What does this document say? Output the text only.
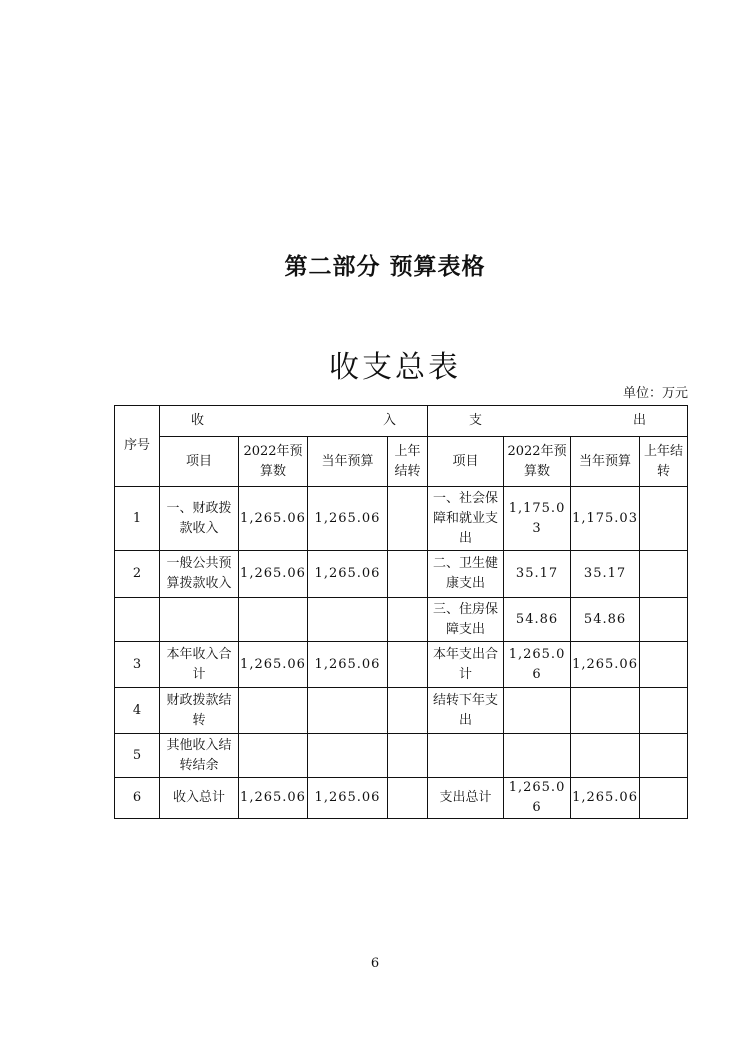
第二部分 预算表格
收支总表
单位：万元
序号	收 入				支 出			

	项目	2022年预算数	当年预算	上年结转	项目	2022年预算数	当年预算	上年结转
1	一、财政拨款收入	1,265.06	1,265.06		一、社会保障和就业支出	1,175.03	1,175.03	
2	一般公共预算拨款收入	1,265.06	1,265.06		二、卫生健康支出	35.17	35.17	
					三、住房保障支出	54.86	54.86	
3	本年收入合计	1,265.06	1,265.06		本年支出合计	1,265.06	1,265.06	
4	财政拨款结转				结转下年支出			
5	其他收入结转结余							
6	收入总计	1,265.06	1,265.06		支出总计	1,265.06	1,265.06	
6
